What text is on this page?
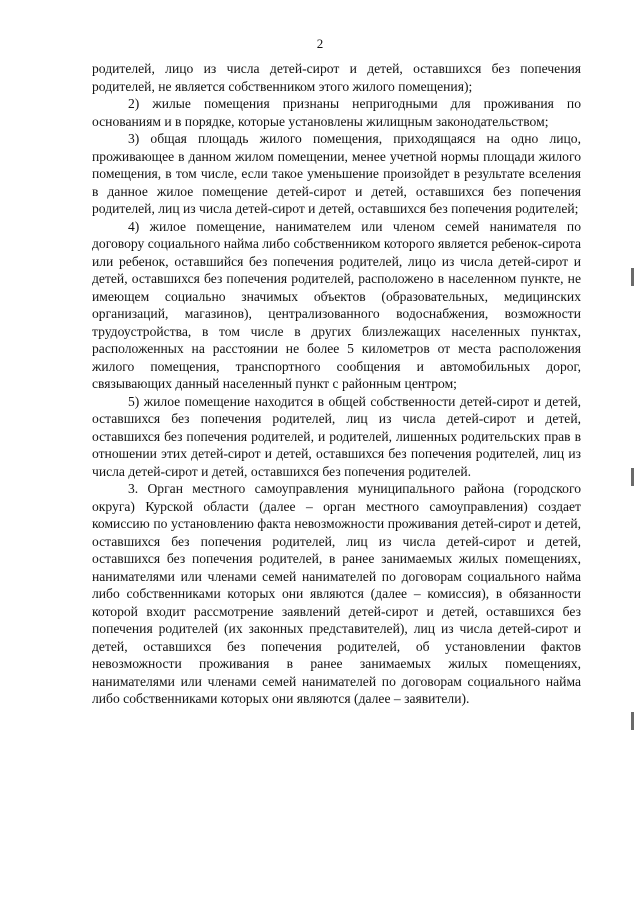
2

родителей, лицо из числа детей-сирот и детей, оставшихся без попечения родителей, не является собственником этого жилого помещения);

2) жилые помещения признаны непригодными для проживания по основаниям и в порядке, которые установлены жилищным законодательством;

3) общая площадь жилого помещения, приходящаяся на одно лицо, проживающее в данном жилом помещении, менее учетной нормы площади жилого помещения, в том числе, если такое уменьшение произойдет в результате вселения в данное жилое помещение детей-сирот и детей, оставшихся без попечения родителей, лиц из числа детей-сирот и детей, оставшихся без попечения родителей;

4) жилое помещение, нанимателем или членом семей нанимателя по договору социального найма либо собственником которого является ребенок-сирота или ребенок, оставшийся без попечения родителей, лицо из числа детей-сирот и детей, оставшихся без попечения родителей, расположено в населенном пункте, не имеющем социально значимых объектов (образовательных, медицинских организаций, магазинов), централизованного водоснабжения, возможности трудоустройства, в том числе в других близлежащих населенных пунктах, расположенных на расстоянии не более 5 километров от места расположения жилого помещения, транспортного сообщения и автомобильных дорог, связывающих данный населенный пункт с районным центром;

5) жилое помещение находится в общей собственности детей-сирот и детей, оставшихся без попечения родителей, лиц из числа детей-сирот и детей, оставшихся без попечения родителей, и родителей, лишенных родительских прав в отношении этих детей-сирот и детей, оставшихся без попечения родителей, лиц из числа детей-сирот и детей, оставшихся без попечения родителей.

3. Орган местного самоуправления муниципального района (городского округа) Курской области (далее – орган местного самоуправления) создает комиссию по установлению факта невозможности проживания детей-сирот и детей, оставшихся без попечения родителей, лиц из числа детей-сирот и детей, оставшихся без попечения родителей, в ранее занимаемых жилых помещениях, нанимателями или членами семей нанимателей по договорам социального найма либо собственниками которых они являются (далее – комиссия), в обязанности которой входит рассмотрение заявлений детей-сирот и детей, оставшихся без попечения родителей (их законных представителей), лиц из числа детей-сирот и детей, оставшихся без попечения родителей, об установлении фактов невозможности проживания в ранее занимаемых жилых помещениях, нанимателями или членами семей нанимателей по договорам социального найма либо собственниками которых они являются (далее – заявители).
